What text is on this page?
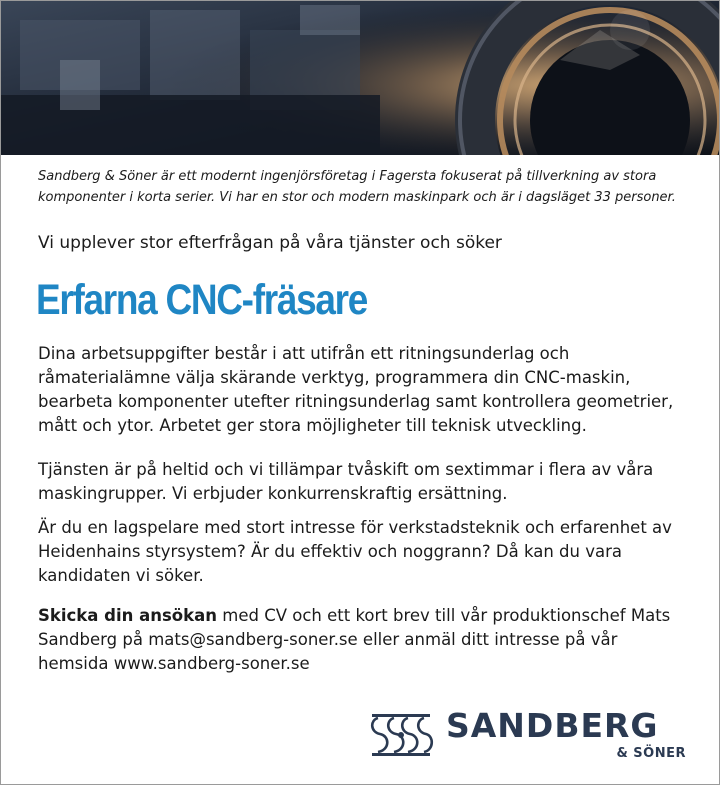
Sandberg & Söner är ett modernt ingenjörsföretag i Fagersta fokuserat på tillverkning av stora komponenter i korta serier. Vi har en stor och modern maskinpark och är i dagsläget 33 personer.
Vi upplever stor efterfrågan på våra tjänster och söker
Erfarna CNC-fräsare
Dina arbetsuppgifter består i att utifrån ett ritningsunderlag och råmaterialämne välja skärande verktyg, programmera din CNC-maskin, bearbeta komponenter utefter ritningsunderlag samt kontrollera geometrier, mått och ytor. Arbetet ger stora möjligheter till teknisk utveckling.
Tjänsten är på heltid och vi tillämpar tvåskift om sextimmar i flera av våra maskingrupper. Vi erbjuder konkurrenskraftig ersättning.
Är du en lagspelare med stort intresse för verkstadsteknik och erfarenhet av Heidenhains styrsystem? Är du effektiv och noggrann? Då kan du vara kandidaten vi söker.
Skicka din ansökan med CV och ett kort brev till vår produktionschef Mats Sandberg på mats@sandberg-soner.se eller anmäl ditt intresse på vår hemsida www.sandberg-soner.se
SANDBERG
& SÖNER
